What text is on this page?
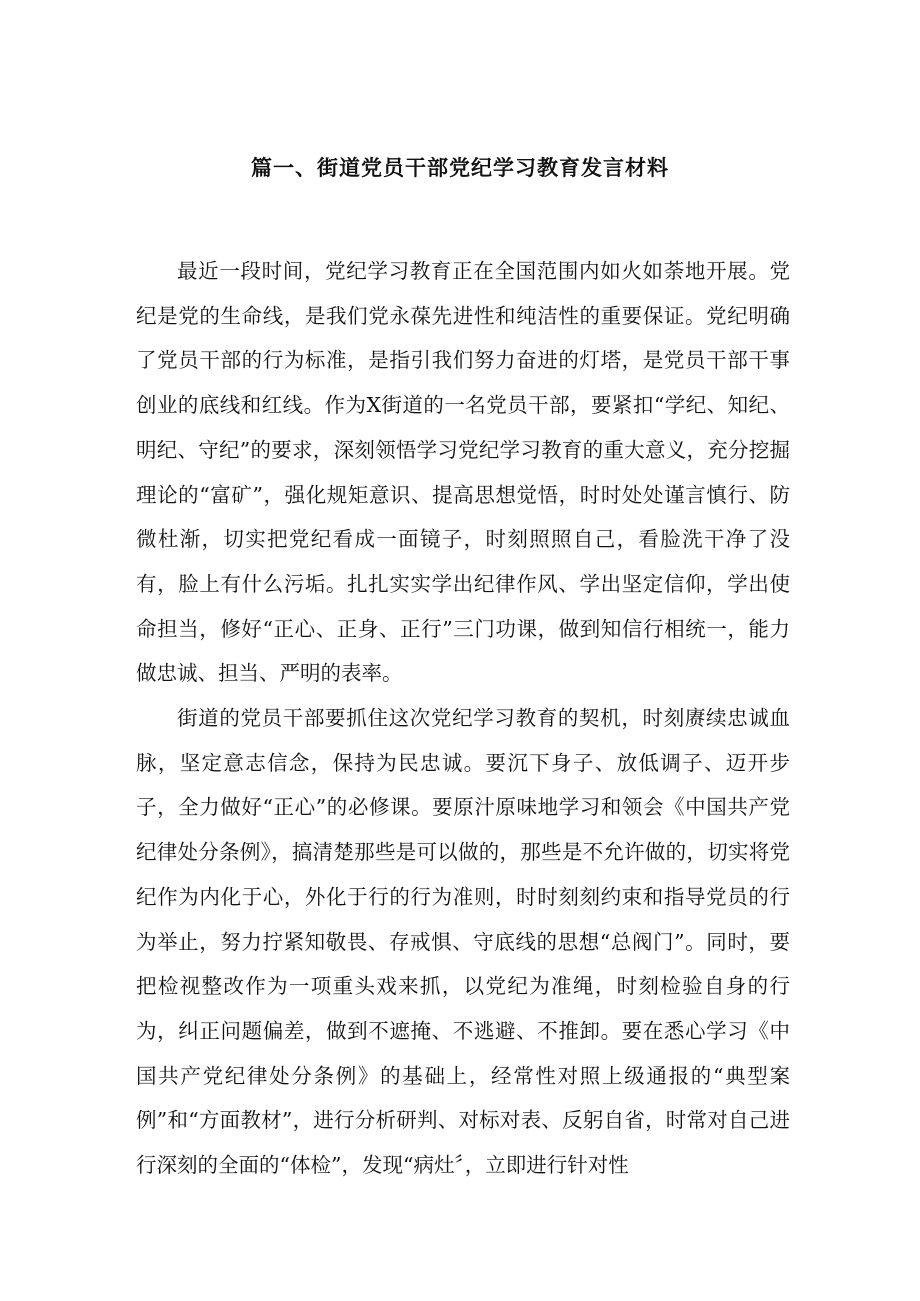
篇一、街道党员干部党纪学习教育发言材料

最近一段时间，党纪学习教育正在全国范围内如火如荼地开展。党纪是党的生命线，是我们党永葆先进性和纯洁性的重要保证。党纪明确了党员干部的行为标准，是指引我们努力奋进的灯塔，是党员干部干事创业的底线和红线。作为X街道的一名党员干部，要紧扣“学纪、知纪、明纪、守纪”的要求，深刻领悟学习党纪学习教育的重大意义，充分挖掘理论的“富矿”，强化规矩意识、提高思想觉悟，时时处处谨言慎行、防微杜渐，切实把党纪看成一面镜子，时刻照照自己，看脸洗干净了没有，脸上有什么污垢。扎扎实实学出纪律作风、学出坚定信仰，学出使命担当，修好“正心、正身、正行”三门功课，做到知信行相统一，能力做忠诚、担当、严明的表率。

街道的党员干部要抓住这次党纪学习教育的契机，时刻赓续忠诚血脉，坚定意志信念，保持为民忠诚。要沉下身子、放低调子、迈开步子，全力做好“正心”的必修课。要原汁原味地学习和领会《中国共产党纪律处分条例》，搞清楚那些是可以做的，那些是不允许做的，切实将党纪作为内化于心，外化于行的行为准则，时时刻刻约束和指导党员的行为举止，努力拧紧知敬畏、存戒惧、守底线的思想“总阀门”。同时，要把检视整改作为一项重头戏来抓，以党纪为准绳，时刻检验自身的行为，纠正问题偏差，做到不遮掩、不逃避、不推卸。要在悉心学习《中国共产党纪律处分条例》的基础上，经常性对照上级通报的“典型案例”和“方面教材”，进行分析研判、对标对表、反躬自省，时常对自己进行深刻的全面的“体检”，发现“病灶〞，立即进行针对性
